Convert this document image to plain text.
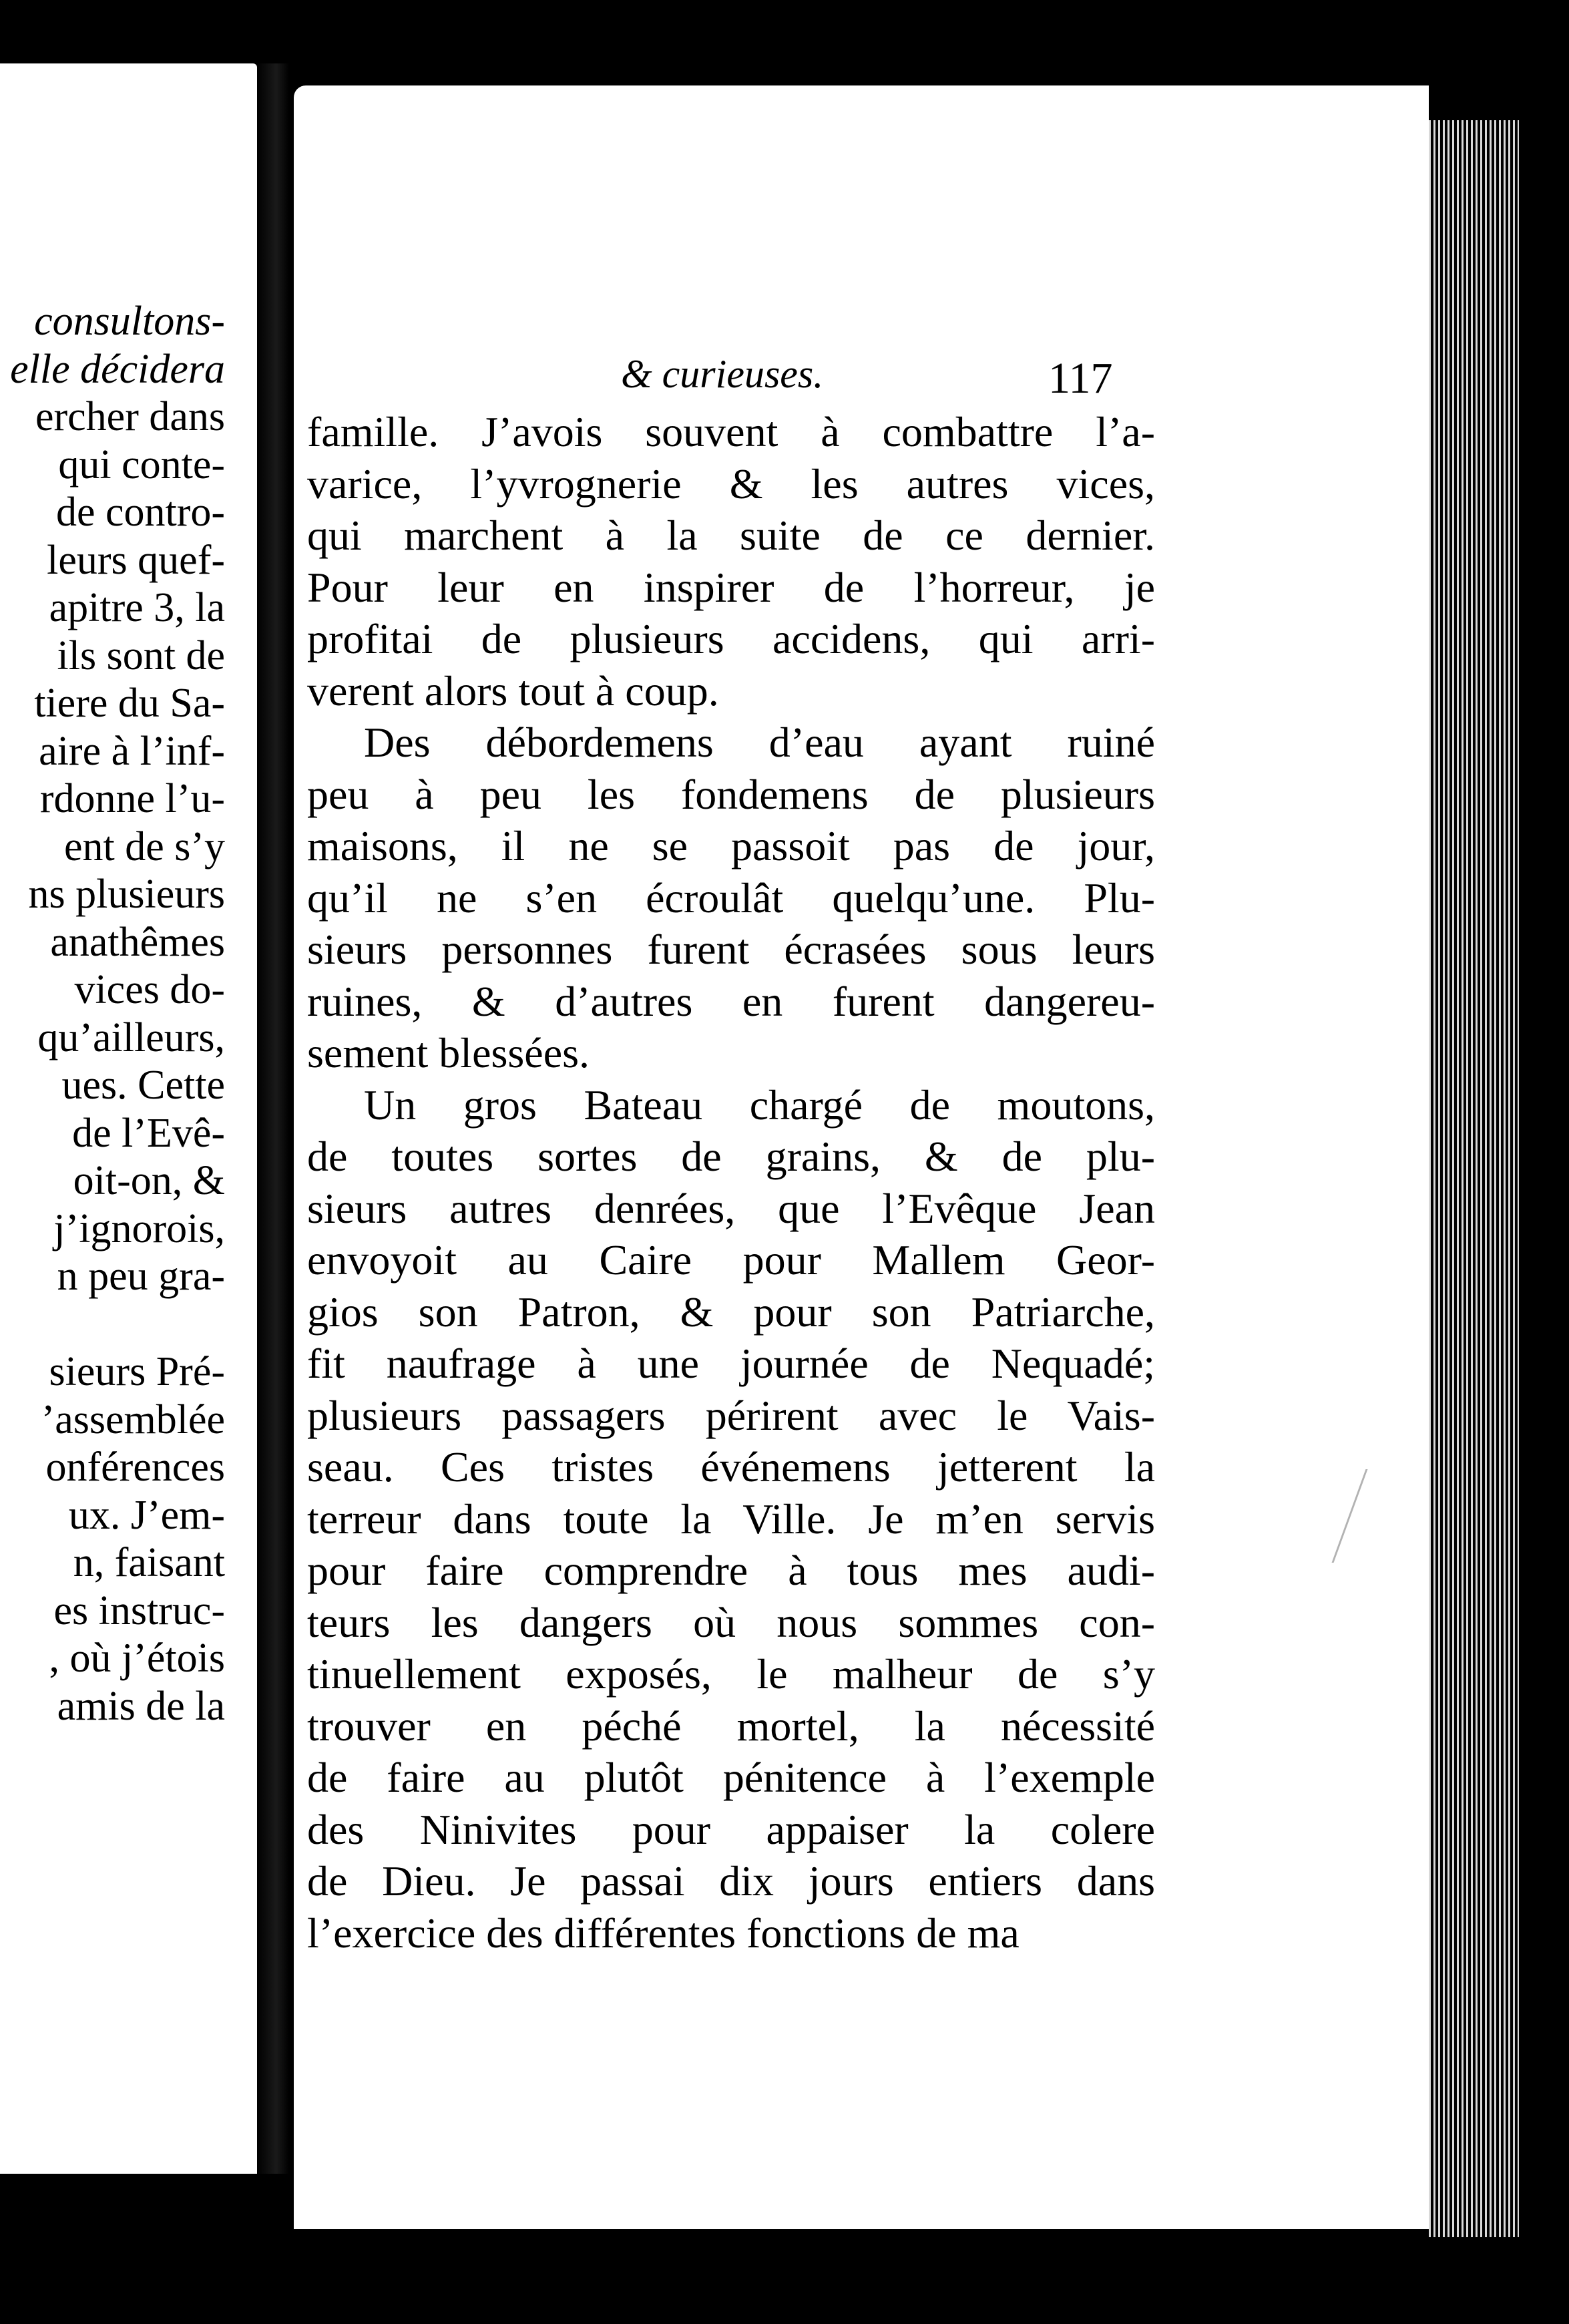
consultons-
elle décidera
ercher dans
qui conte-
de contro-
leurs quef-
apitre 3, la
ils sont de
tiere du Sa-
aire à l’inf-
rdonne l’u-
ent de s’y
ns plusieurs
anathêmes
vices do-
qu’ailleurs,
ues. Cette
de l’Evê-
oit-on, &
j’ignorois,
n peu gra-
sieurs Pré-
’assemblée
onférences
ux. J’em-
n, faisant
es instruc-
, où j’étois
amis de la
& curieuses.	117
famille. J’avois souvent à combattre l’a-
varice, l’yvrognerie & les autres vices,
qui marchent à la suite de ce dernier.
Pour leur en inspirer de l’horreur, je
profitai de plusieurs accidens, qui arri-
verent alors tout à coup.
Des débordemens d’eau ayant ruiné
peu à peu les fondemens de plusieurs
maisons, il ne se passoit pas de jour,
qu’il ne s’en écroulât quelqu’une. Plu-
sieurs personnes furent écrasées sous leurs
ruines, & d’autres en furent dangereu-
sement blessées.
Un gros Bateau chargé de moutons,
de toutes sortes de grains, & de plu-
sieurs autres denrées, que l’Evêque Jean
envoyoit au Caire pour Mallem Geor-
gios son Patron, & pour son Patriarche,
fit naufrage à une journée de Nequadé;
plusieurs passagers périrent avec le Vais-
seau. Ces tristes événemens jetterent la
terreur dans toute la Ville. Je m’en servis
pour faire comprendre à tous mes audi-
teurs les dangers où nous sommes con-
tinuellement exposés, le malheur de s’y
trouver en péché mortel, la nécessité
de faire au plutôt pénitence à l’exemple
des Ninivites pour appaiser la colere
de Dieu. Je passai dix jours entiers dans
l’exercice des différentes fonctions de ma
